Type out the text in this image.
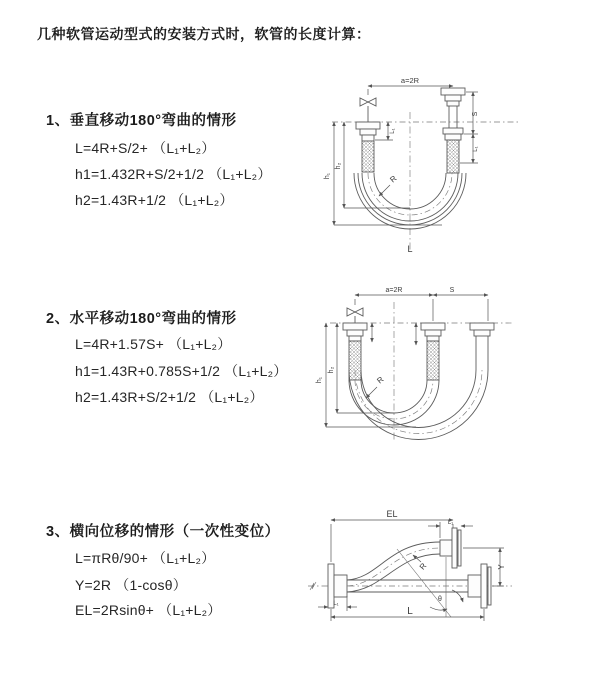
几种软管运动型式的安装方式时，软管的长度计算：
1、垂直移动180°弯曲的情形
L=4R+S/2+ （L₁+L₂）
h1=1.432R+S/2+1/2 （L₁+L₂）
h2=1.43R+1/2 （L₁+L₂）
2、水平移动180°弯曲的情形
L=4R+1.57S+ （L₁+L₂）
h1=1.43R+0.785S+1/2 （L₁+L₂）
h2=1.43R+S/2+1/2 （L₁+L₂）
3、横向位移的情形（一次性变位）
L=πRθ/90+ （L₁+L₂）
Y=2R （1-cosθ）
EL=2Rsinθ+ （L₁+L₂）
a=2R
S
L₁
L₁
h₁
h₂
R
L
a=2R	S
h₁
h₂
R
θ
EL
L₁
Y
L
L₁
R
